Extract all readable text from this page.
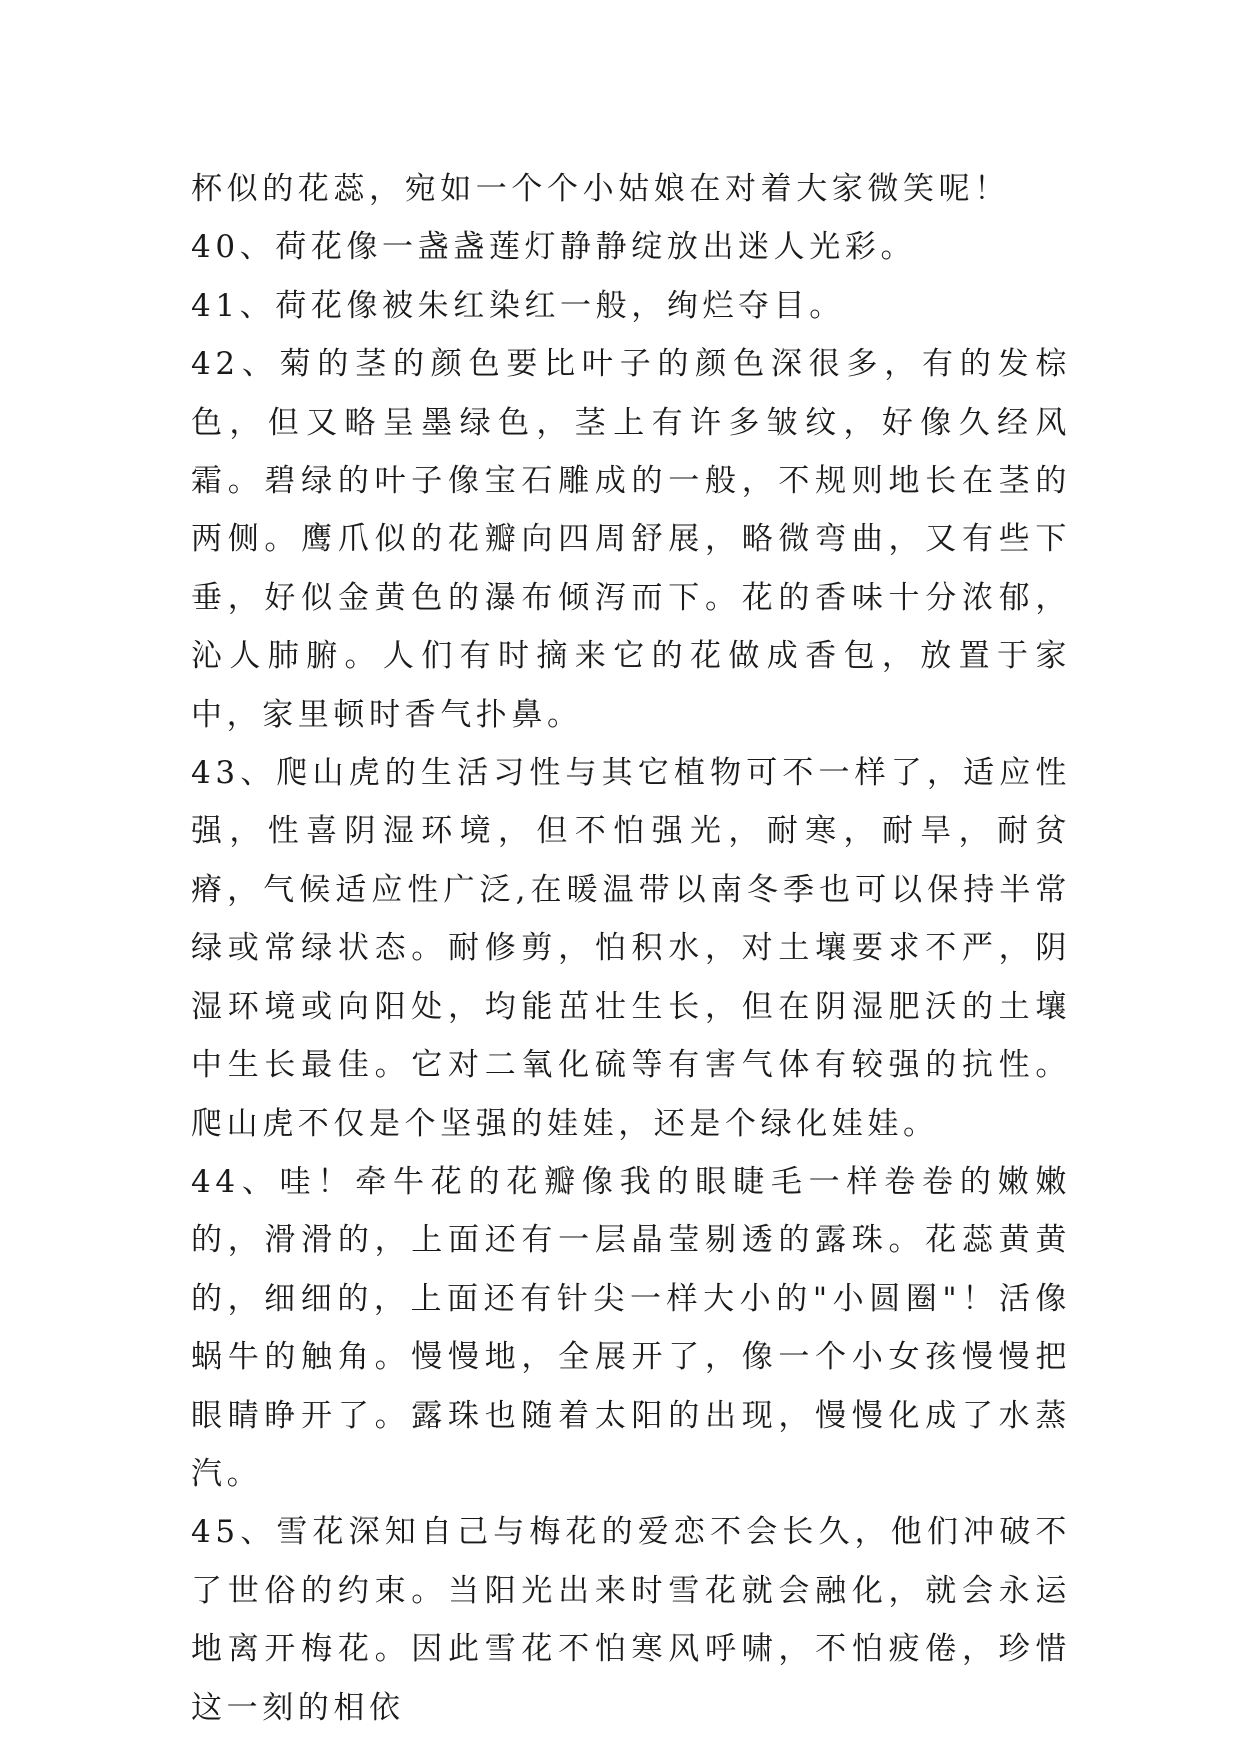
杯似的花蕊，宛如一个个小姑娘在对着大家微笑呢！

40、荷花像一盏盏莲灯静静绽放出迷人光彩。

41、荷花像被朱红染红一般，绚烂夺目。

42、菊的茎的颜色要比叶子的颜色深很多，有的发棕色，但又略呈墨绿色，茎上有许多皱纹，好像久经风霜。碧绿的叶子像宝石雕成的一般，不规则地长在茎的两侧。鹰爪似的花瓣向四周舒展，略微弯曲，又有些下垂，好似金黄色的瀑布倾泻而下。花的香味十分浓郁，沁人肺腑。人们有时摘来它的花做成香包，放置于家中，家里顿时香气扑鼻。

43、爬山虎的生活习性与其它植物可不一样了，适应性强，性喜阴湿环境，但不怕强光，耐寒，耐旱，耐贫瘠，气候适应性广泛,在暖温带以南冬季也可以保持半常绿或常绿状态。耐修剪，怕积水，对土壤要求不严，阴湿环境或向阳处，均能茁壮生长，但在阴湿肥沃的土壤中生长最佳。它对二氧化硫等有害气体有较强的抗性。爬山虎不仅是个坚强的娃娃，还是个绿化娃娃。

44、哇！牵牛花的花瓣像我的眼睫毛一样卷卷的嫩嫩的，滑滑的，上面还有一层晶莹剔透的露珠。花蕊黄黄的，细细的，上面还有针尖一样大小的"小圆圈"！活像蜗牛的触角。慢慢地，全展开了，像一个小女孩慢慢把眼睛睁开了。露珠也随着太阳的出现，慢慢化成了水蒸汽。

45、雪花深知自己与梅花的爱恋不会长久，他们冲破不了世俗的约束。当阳光出来时雪花就会融化，就会永运地离开梅花。因此雪花不怕寒风呼啸，不怕疲倦，珍惜这一刻的相依
